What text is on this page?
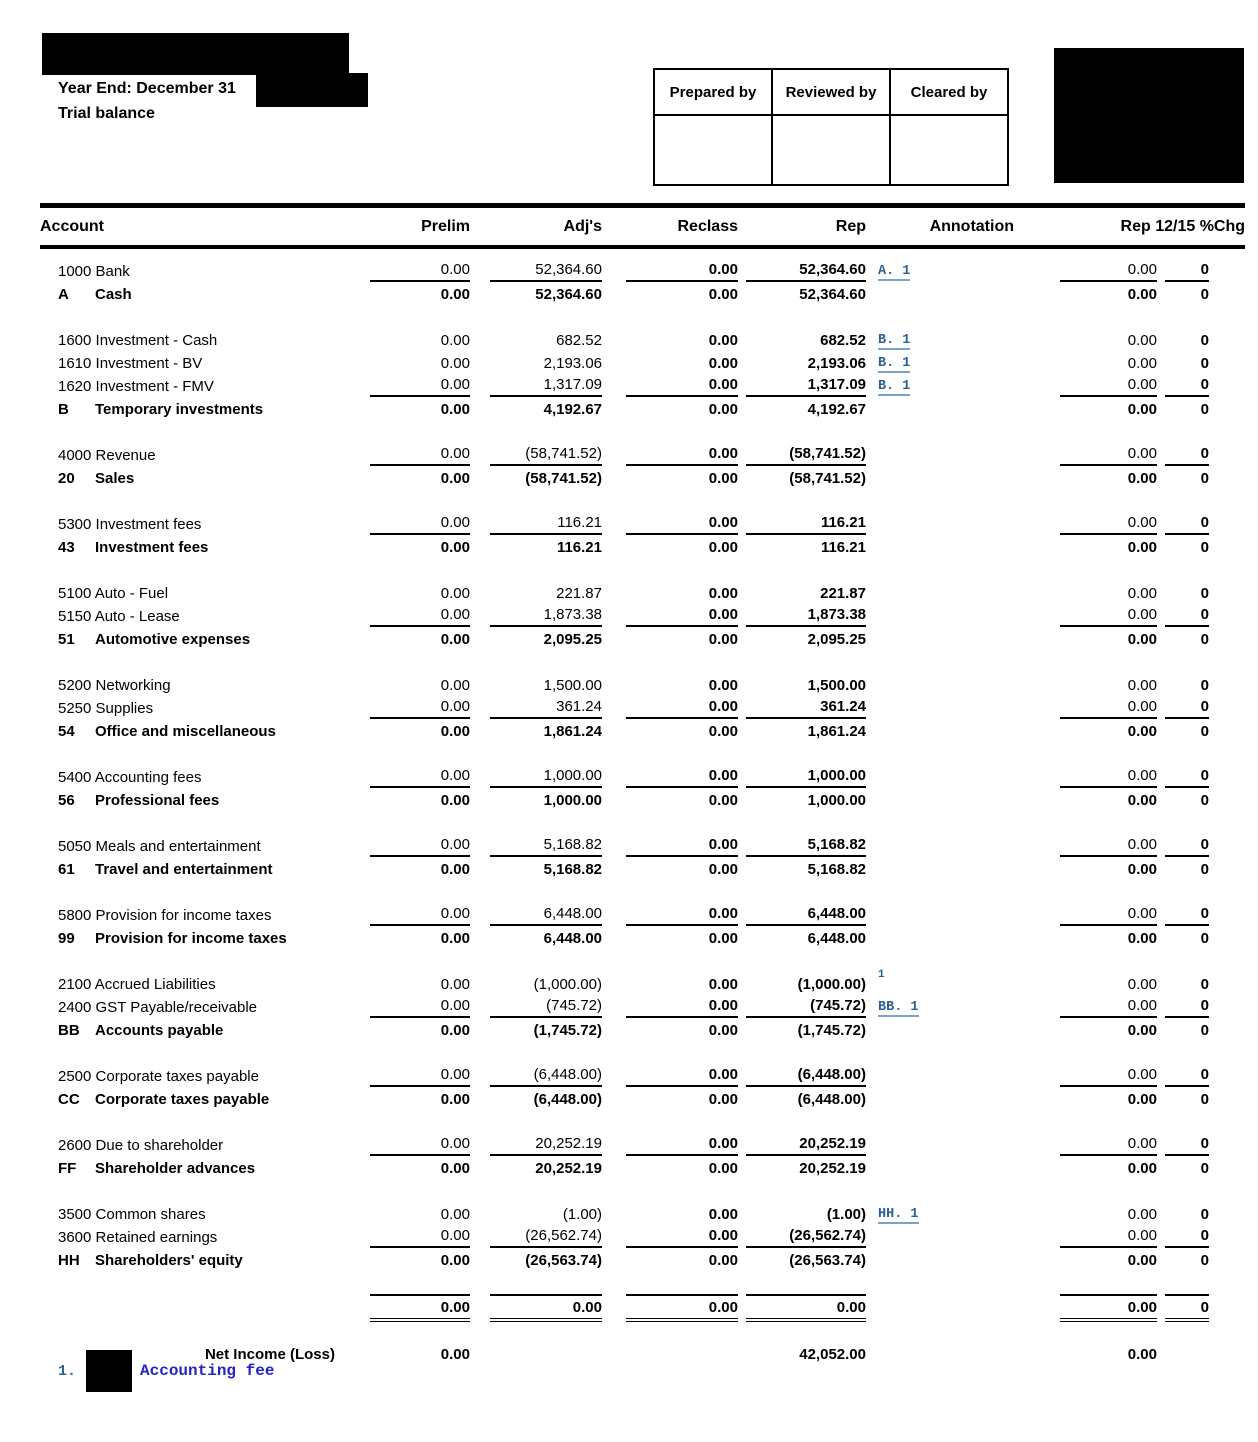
Year End: December 31
Trial balance
Prepared by	Reviewed by	Cleared by

Account	Prelim	Adj's	Reclass	Rep	Annotation	Rep 12/15 %Chg	

1000 Bank	0.00	52,364.60	0.00	52,364.60	A. 1	0.00	0

A Cash	0.00	52,364.60	0.00	52,364.60		0.00	0

1600 Investment - Cash	0.00	682.52	0.00	682.52	B. 1	0.00	0

1610 Investment - BV	0.00	2,193.06	0.00	2,193.06	B. 1	0.00	0

1620 Investment - FMV	0.00	1,317.09	0.00	1,317.09	B. 1	0.00	0

B Temporary investments	0.00	4,192.67	0.00	4,192.67		0.00	0

4000 Revenue	0.00	(58,741.52)	0.00	(58,741.52)		0.00	0

20 Sales	0.00	(58,741.52)	0.00	(58,741.52)		0.00	0

5300 Investment fees	0.00	116.21	0.00	116.21		0.00	0

43 Investment fees	0.00	116.21	0.00	116.21		0.00	0

5100 Auto - Fuel	0.00	221.87	0.00	221.87		0.00	0

5150 Auto - Lease	0.00	1,873.38	0.00	1,873.38		0.00	0

51 Automotive expenses	0.00	2,095.25	0.00	2,095.25		0.00	0

5200 Networking	0.00	1,500.00	0.00	1,500.00		0.00	0

5250 Supplies	0.00	361.24	0.00	361.24		0.00	0

54 Office and miscellaneous	0.00	1,861.24	0.00	1,861.24		0.00	0

5400 Accounting fees	0.00	1,000.00	0.00	1,000.00		0.00	0

56 Professional fees	0.00	1,000.00	0.00	1,000.00		0.00	0

5050 Meals and entertainment	0.00	5,168.82	0.00	5,168.82		0.00	0

61 Travel and entertainment	0.00	5,168.82	0.00	5,168.82		0.00	0

5800 Provision for income taxes	0.00	6,448.00	0.00	6,448.00		0.00	0

99 Provision for income taxes	0.00	6,448.00	0.00	6,448.00		0.00	0

2100 Accrued Liabilities	0.00	(1,000.00)	0.00	(1,000.00)	$^1$	0.00	0

2400 GST Payable/receivable	0.00	(745.72)	0.00	(745.72)	BB. 1	0.00	0

BB Accounts payable	0.00	(1,745.72)	0.00	(1,745.72)		0.00	0

2500 Corporate taxes payable	0.00	(6,448.00)	0.00	(6,448.00)		0.00	0

CC Corporate taxes payable	0.00	(6,448.00)	0.00	(6,448.00)		0.00	0

2600 Due to shareholder	0.00	20,252.19	0.00	20,252.19		0.00	0

FF Shareholder advances	0.00	20,252.19	0.00	20,252.19		0.00	0

3500 Common shares	0.00	(1.00)	0.00	(1.00)	HH. 1	0.00	0

3600 Retained earnings	0.00	(26,562.74)	0.00	(26,562.74)		0.00	0

HH Shareholders' equity	0.00	(26,563.74)	0.00	(26,563.74)		0.00	0

	0.00	0.00	0.00	0.00		0.00	0

Net Income (Loss)	0.00			42,052.00		0.00	

1.	Accounting fee
